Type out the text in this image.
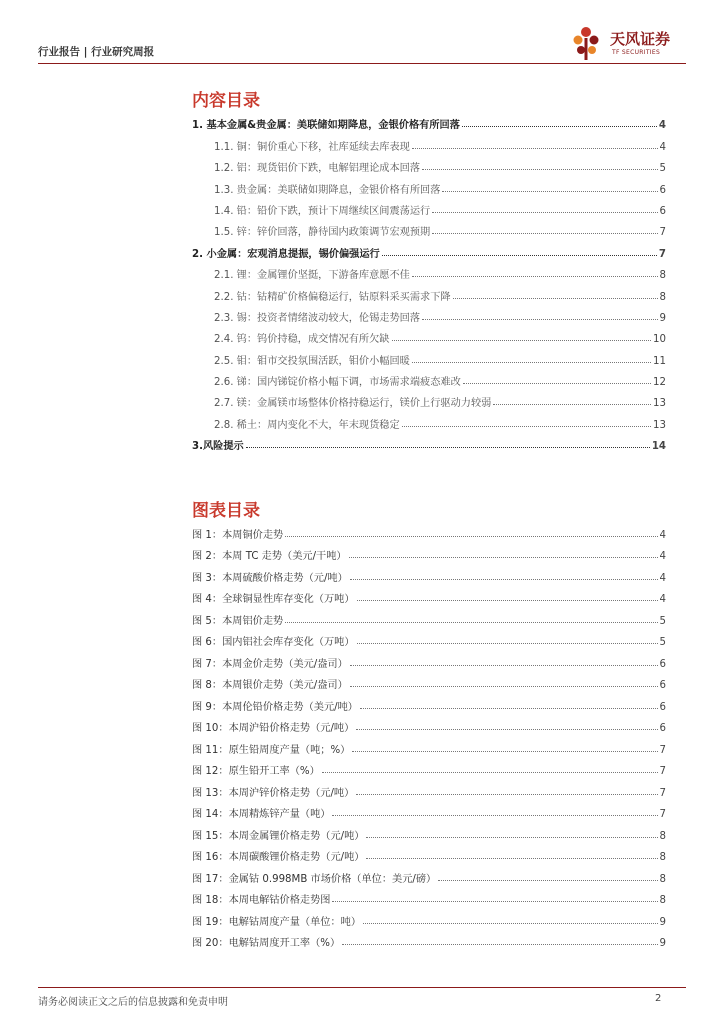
行业报告 | 行业研究周报
天风证券
TF SECURITIES
内容目录
1. 基本金属&贵金属：美联储如期降息，金银价格有所回落	4
1.1. 铜：铜价重心下移，社库延续去库表现	4
1.2. 铝：现货铝价下跌，电解铝理论成本回落	5
1.3. 贵金属：美联储如期降息，金银价格有所回落	6
1.4. 铅：铅价下跌，预计下周继续区间震荡运行	6
1.5. 锌：锌价回落，静待国内政策调节宏观预期	7
2. 小金属：宏观消息提振，锡价偏强运行	7
2.1. 锂：金属锂价坚挺，下游备库意愿不佳	8
2.2. 钴：钴精矿价格偏稳运行，钴原料采买需求下降	8
2.3. 锡：投资者情绪波动较大，伦锡走势回落	9
2.4. 钨：钨价持稳，成交情况有所欠缺	10
2.5. 钼：钼市交投氛围活跃，钼价小幅回暖	11
2.6. 锑：国内锑锭价格小幅下调，市场需求端疲态难改	12
2.7. 镁：金属镁市场整体价格持稳运行，镁价上行驱动力较弱	13
2.8. 稀土：周内变化不大，年末现货稳定	13
3.风险提示	14
图表目录
图 1：本周铜价走势	4
图 2：本周 TC 走势（美元/干吨）	4
图 3：本周硫酸价格走势（元/吨）	4
图 4：全球铜显性库存变化（万吨）	4
图 5：本周铝价走势	5
图 6：国内铝社会库存变化（万吨）	5
图 7：本周金价走势（美元/盎司）	6
图 8：本周银价走势（美元/盎司）	6
图 9：本周伦铅价格走势（美元/吨）	6
图 10：本周沪铅价格走势（元/吨）	6
图 11：原生铅周度产量（吨；%）	7
图 12：原生铅开工率（%）	7
图 13：本周沪锌价格走势（元/吨）	7
图 14：本周精炼锌产量（吨）	7
图 15：本周金属锂价格走势（元/吨）	8
图 16：本周碳酸锂价格走势（元/吨）	8
图 17：金属钴 0.998MB 市场价格（单位：美元/磅）	8
图 18：本周电解钴价格走势图	8
图 19：电解钴周度产量（单位：吨）	9
图 20：电解钴周度开工率（%）	9
请务必阅读正文之后的信息披露和免责申明	2
